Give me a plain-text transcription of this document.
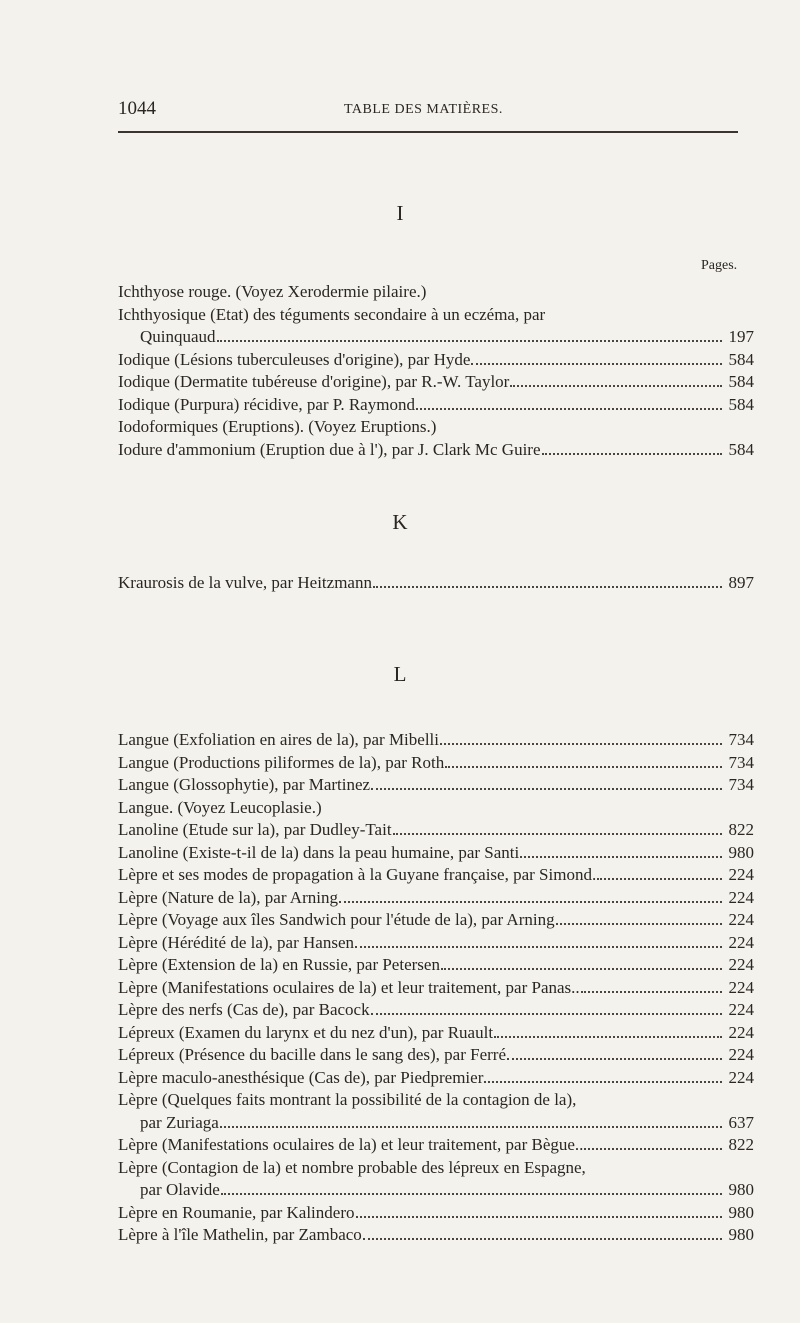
1044	TABLE DES MATIÈRES.
I
Pages.
Ichthyose rouge. (Voyez Xerodermie pilaire.)
Ichthyosique (Etat) des téguments secondaire à un eczéma, par
Quinquaud	197
Iodique (Lésions tuberculeuses d'origine), par Hyde	584
Iodique (Dermatite tubéreuse d'origine), par R.-W. Taylor	584
Iodique (Purpura) récidive, par P. Raymond	584
Iodoformiques (Eruptions). (Voyez Eruptions.)
Iodure d'ammonium (Eruption due à l'), par J. Clark Mc Guire	584
K
Kraurosis de la vulve, par Heitzmann	897
L
Langue (Exfoliation en aires de la), par Mibelli	734
Langue (Productions piliformes de la), par Roth	734
Langue (Glossophytie), par Martinez	734
Langue. (Voyez Leucoplasie.)
Lanoline (Etude sur la), par Dudley-Tait	822
Lanoline (Existe-t-il de la) dans la peau humaine, par Santi	980
Lèpre et ses modes de propagation à la Guyane française, par Simond.	224
Lèpre (Nature de la), par Arning	224
Lèpre (Voyage aux îles Sandwich pour l'étude de la), par Arning	224
Lèpre (Hérédité de la), par Hansen	224
Lèpre (Extension de la) en Russie, par Petersen	224
Lèpre (Manifestations oculaires de la) et leur traitement, par Panas..	224
Lèpre des nerfs (Cas de), par Bacock	224
Lépreux (Examen du larynx et du nez d'un), par Ruault	224
Lépreux (Présence du bacille dans le sang des), par Ferré	224
Lèpre maculo-anesthésique (Cas de), par Piedpremier	224
Lèpre (Quelques faits montrant la possibilité de la contagion de la),
par Zuriaga	637
Lèpre (Manifestations oculaires de la) et leur traitement, par Bègue..	822
Lèpre (Contagion de la) et nombre probable des lépreux en Espagne,
par Olavide	980
Lèpre en Roumanie, par Kalindero	980
Lèpre à l'île Mathelin, par Zambaco	980
